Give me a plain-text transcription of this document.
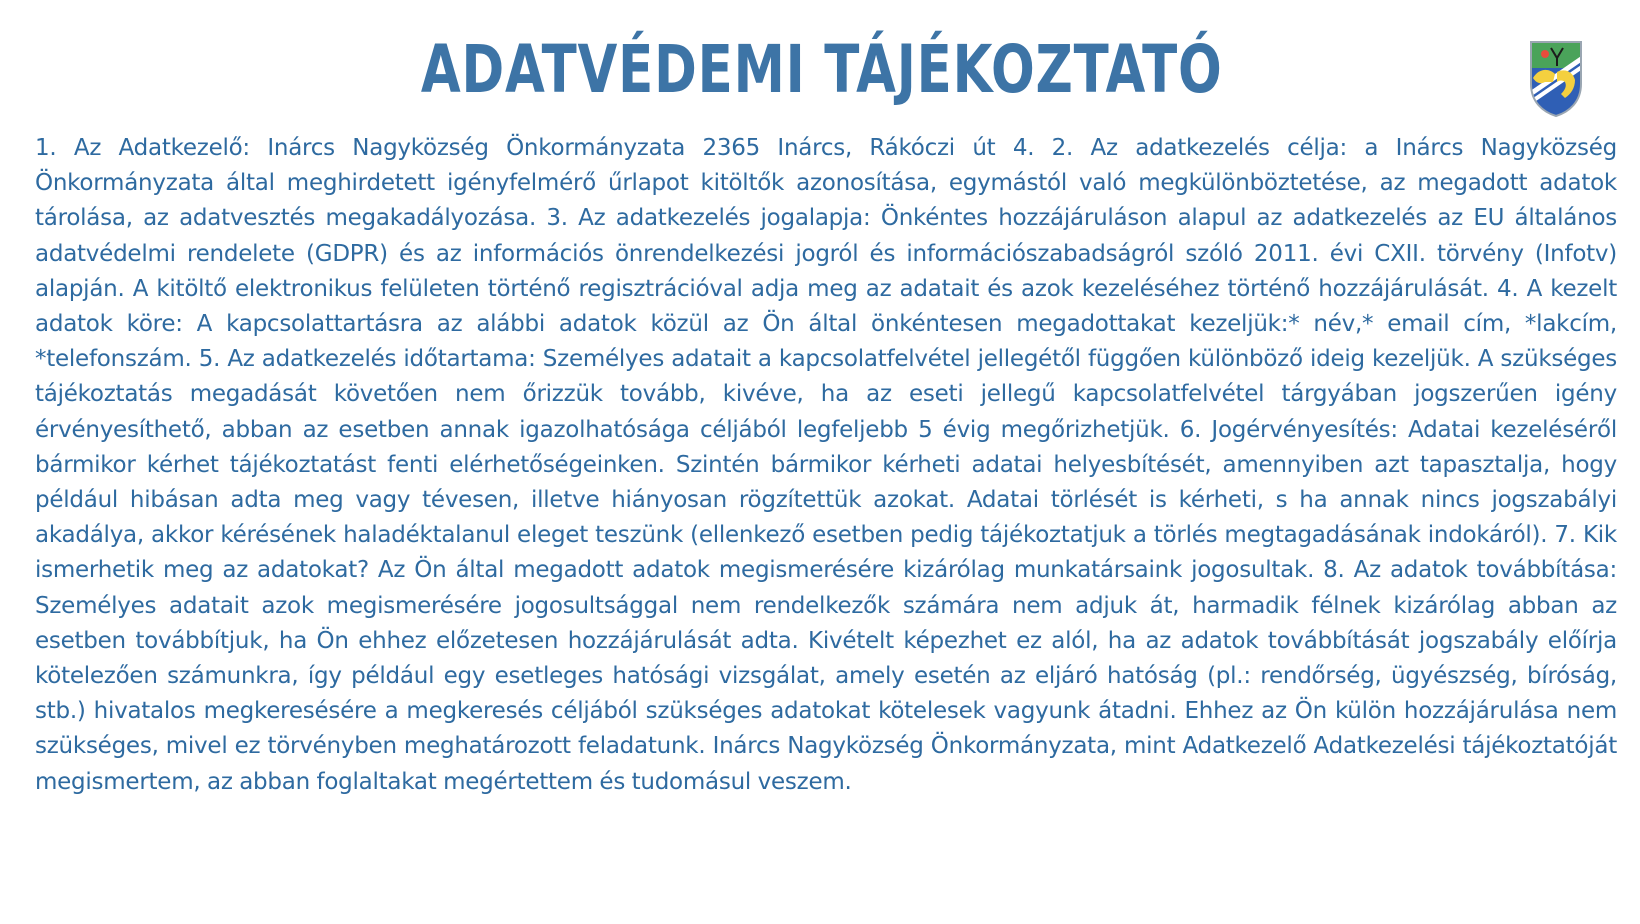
ADATVÉDEMI TÁJÉKOZTATÓ

1. Az Adatkezelő: Inárcs Nagyközség Önkormányzata 2365 Inárcs, Rákóczi út 4. 2. Az adatkezelés célja: a Inárcs Nagyközség Önkormányzata által meghirdetett igényfelmérő űrlapot kitöltők azonosítása, egymástól való megkülönböztetése, az megadott adatok tárolása, az adatvesztés megakadályozása. 3. Az adatkezelés jogalapja: Önkéntes hozzájáruláson alapul az adatkezelés az EU általános adatvédelmi rendelete (GDPR) és az információs önrendelkezési jogról és információszabadságról szóló 2011. évi CXII. törvény (Infotv) alapján. A kitöltő elektronikus felületen történő regisztrációval adja meg az adatait és azok kezeléséhez történő hozzájárulását. 4. A kezelt adatok köre: A kapcsolattartásra az alábbi adatok közül az Ön által önkéntesen megadottakat kezeljük:* név,* email cím, *lakcím, *telefonszám. 5. Az adatkezelés időtartama: Személyes adatait a kapcsolatfelvétel jellegétől függően különböző ideig kezeljük. A szükséges tájékoztatás megadását követően nem őrizzük tovább, kivéve, ha az eseti jellegű kapcsolatfelvétel tárgyában jogszerűen igény érvényesíthető, abban az esetben annak igazolhatósága céljából legfeljebb 5 évig megőrizhetjük. 6. Jogérvényesítés: Adatai kezeléséről bármikor kérhet tájékoztatást fenti elérhetőségeinken. Szintén bármikor kérheti adatai helyesbítését, amennyiben azt tapasztalja, hogy például hibásan adta meg vagy tévesen, illetve hiányosan rögzítettük azokat. Adatai törlését is kérheti, s ha annak nincs jogszabályi akadálya, akkor kérésének haladéktalanul eleget teszünk (ellenkező esetben pedig tájékoztatjuk a törlés megtagadásának indokáról). 7. Kik ismerhetik meg az adatokat? Az Ön által megadott adatok megismerésére kizárólag munkatársaink jogosultak. 8. Az adatok továbbítása: Személyes adatait azok megismerésére jogosultsággal nem rendelkezők számára nem adjuk át, harmadik félnek kizárólag abban az esetben továbbítjuk, ha Ön ehhez előzetesen hozzájárulását adta. Kivételt képezhet ez alól, ha az adatok továbbítását jogszabály előírja kötelezően számunkra, így például egy esetleges hatósági vizsgálat, amely esetén az eljáró hatóság (pl.: rendőrség, ügyészség, bíróság, stb.) hivatalos megkeresésére a megkeresés céljából szükséges adatokat kötelesek vagyunk átadni. Ehhez az Ön külön hozzájárulása nem szükséges, mivel ez törvényben meghatározott feladatunk. Inárcs Nagyközség Önkormányzata, mint Adatkezelő Adatkezelési tájékoztatóját megismertem, az abban foglaltakat megértettem és tudomásul veszem.
